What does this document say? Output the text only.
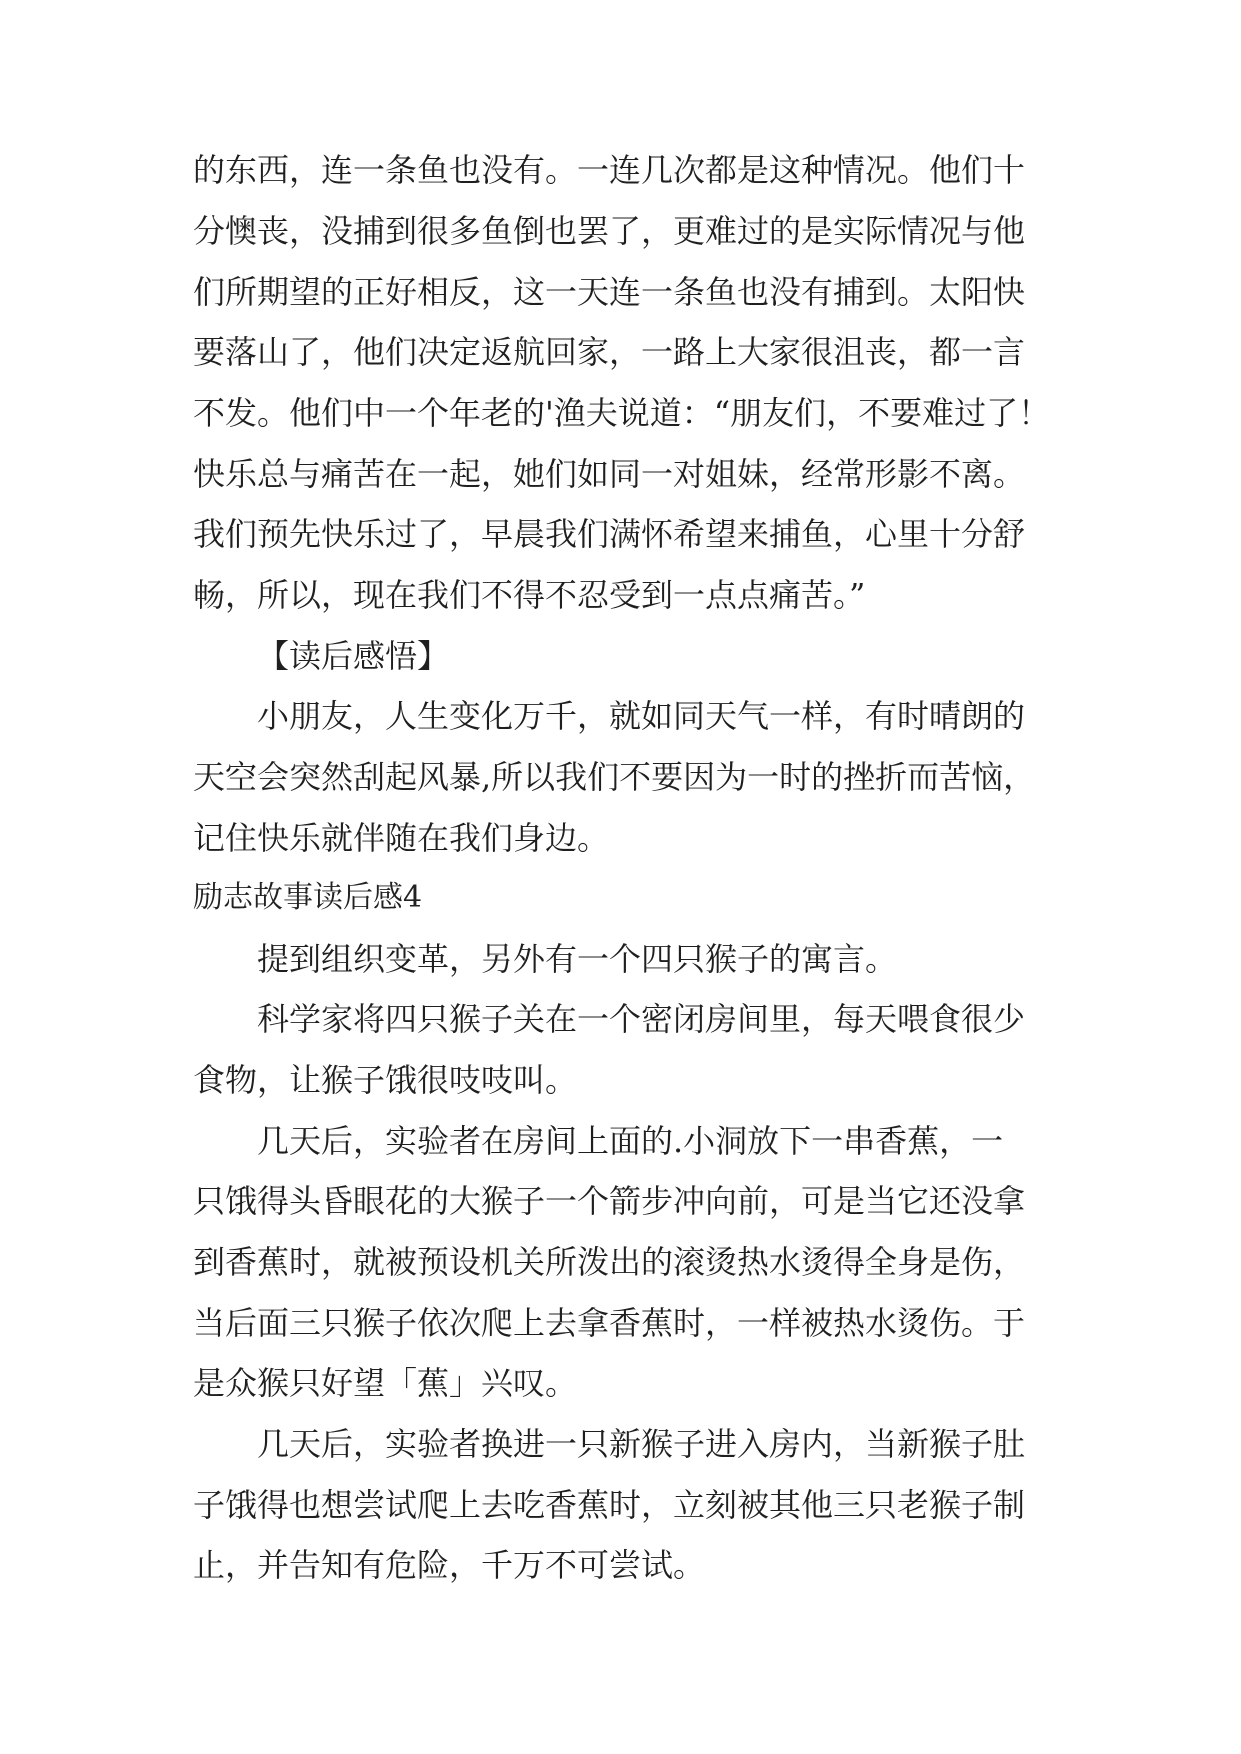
的东西，连一条鱼也没有。一连几次都是这种情况。他们十

分懊丧，没捕到很多鱼倒也罢了，更难过的是实际情况与他

们所期望的正好相反，这一天连一条鱼也没有捕到。太阳快

要落山了，他们决定返航回家，一路上大家很沮丧，都一言

不发。他们中一个年老的'渔夫说道：“朋友们，不要难过了！

快乐总与痛苦在一起，她们如同一对姐妹，经常形影不离。

我们预先快乐过了，早晨我们满怀希望来捕鱼，心里十分舒

畅，所以，现在我们不得不忍受到一点点痛苦。”

【读后感悟】

小朋友，人生变化万千，就如同天气一样，有时晴朗的

天空会突然刮起风暴,所以我们不要因为一时的挫折而苦恼，

记住快乐就伴随在我们身边。

励志故事读后感4

提到组织变革，另外有一个四只猴子的寓言。

科学家将四只猴子关在一个密闭房间里，每天喂食很少

食物，让猴子饿很吱吱叫。

几天后，实验者在房间上面的.小洞放下一串香蕉，一

只饿得头昏眼花的大猴子一个箭步冲向前，可是当它还没拿

到香蕉时，就被预设机关所泼出的滚烫热水烫得全身是伤，

当后面三只猴子依次爬上去拿香蕉时，一样被热水烫伤。于

是众猴只好望「蕉」兴叹。

几天后，实验者换进一只新猴子进入房内，当新猴子肚

子饿得也想尝试爬上去吃香蕉时，立刻被其他三只老猴子制

止，并告知有危险，千万不可尝试。
